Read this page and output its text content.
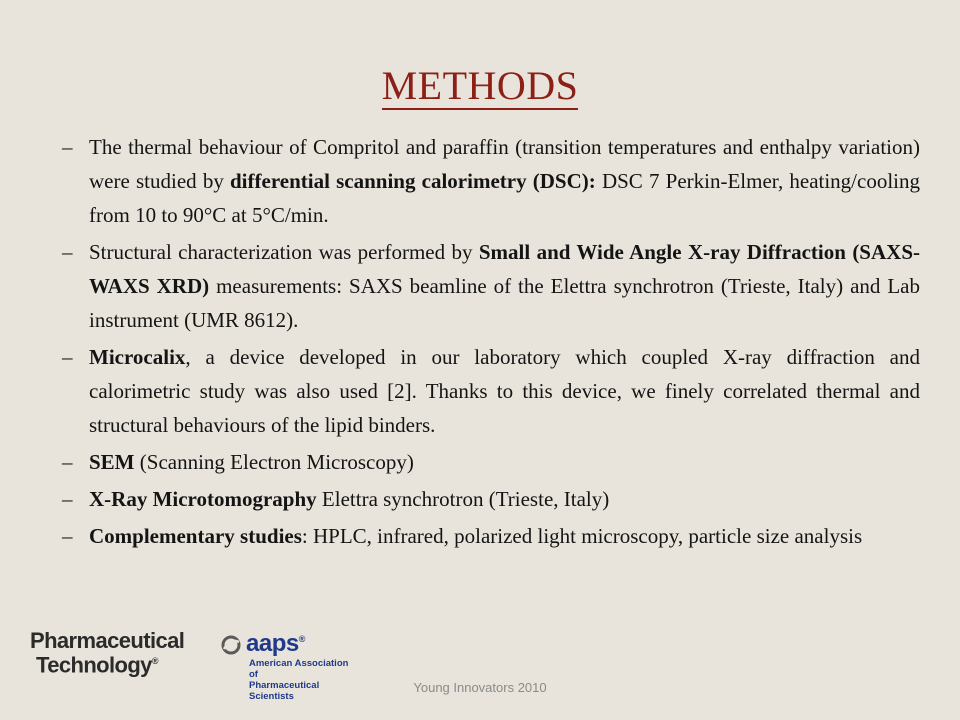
METHODS
– The thermal behaviour of Compritol and paraffin (transition temperatures and enthalpy variation) were studied by differential scanning calorimetry (DSC): DSC 7 Perkin-Elmer, heating/cooling from 10 to 90°C at 5°C/min.
– Structural characterization was performed by Small and Wide Angle X-ray Diffraction (SAXS-WAXS XRD) measurements: SAXS beamline of the Elettra synchrotron (Trieste, Italy) and Lab instrument (UMR 8612).
– Microcalix, a device developed in our laboratory which coupled X-ray diffraction and calorimetric study was also used [2]. Thanks to this device, we finely correlated thermal and structural behaviours of the lipid binders.
– SEM (Scanning Electron Microscopy)
– X-Ray Microtomography Elettra synchrotron (Trieste, Italy)
– Complementary studies: HPLC, infrared, polarized light microscopy, particle size analysis
Pharmaceutical
Technology®
aaps®
American Association of
Pharmaceutical Scientists
Young Innovators 2010
